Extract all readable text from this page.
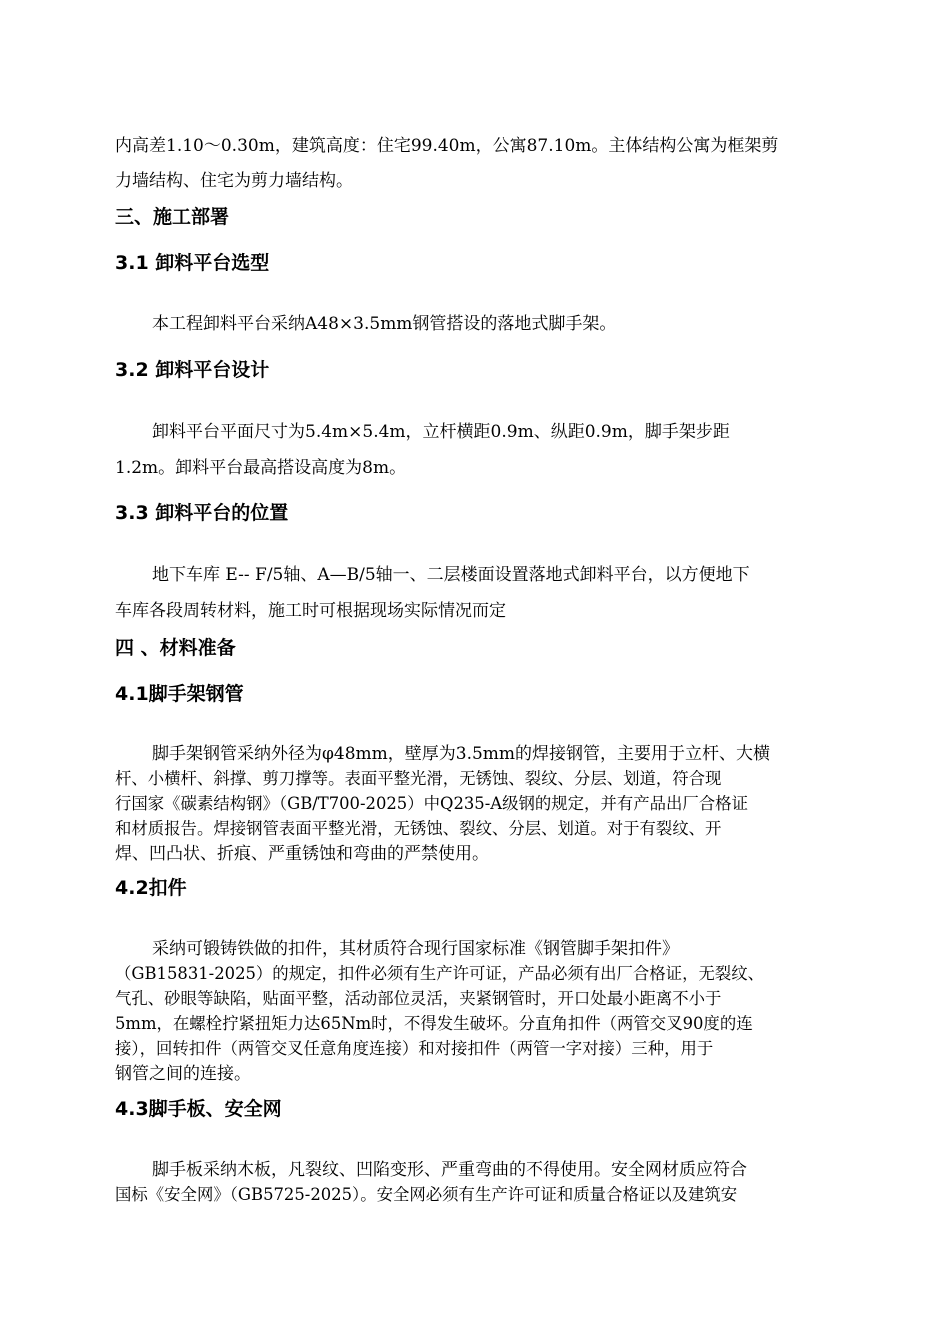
内高差1.10～0.30m，建筑高度：住宅99.40m，公寓87.10m。主体结构公寓为框架剪
力墙结构、住宅为剪力墙结构。
三、施工部署
3.1 卸料平台选型
本工程卸料平台采纳A48×3.5mm钢管搭设的落地式脚手架。
3.2 卸料平台设计
卸料平台平面尺寸为5.4m×5.4m，立杆横距0.9m、纵距0.9m，脚手架步距
1.2m。卸料平台最高搭设高度为8m。
3.3 卸料平台的位置
地下车库 E-- F/5轴、A—B/5轴一、二层楼面设置落地式卸料平台，以方便地下
车库各段周转材料，施工时可根据现场实际情况而定
四 、材料准备
4.1脚手架钢管
脚手架钢管采纳外径为φ48mm，壁厚为3.5mm的焊接钢管，主要用于立杆、大横
杆、小横杆、斜撑、剪刀撑等。表面平整光滑，无锈蚀、裂纹、分层、划道，符合现
行国家《碳素结构钢》（GB/T700-2025）中Q235-A级钢的规定，并有产品出厂合格证
和材质报告。焊接钢管表面平整光滑，无锈蚀、裂纹、分层、划道。对于有裂纹、开
焊、凹凸状、折痕、严重锈蚀和弯曲的严禁使用。
4.2扣件
采纳可锻铸铁做的扣件，其材质符合现行国家标准《钢管脚手架扣件》
（GB15831-2025）的规定，扣件必须有生产许可证，产品必须有出厂合格证，无裂纹、
气孔、砂眼等缺陷，贴面平整，活动部位灵活，夹紧钢管时，开口处最小距离不小于
5mm，在螺栓拧紧扭矩力达65Nm时，不得发生破坏。分直角扣件（两管交叉90度的连
接），回转扣件（两管交叉任意角度连接）和对接扣件（两管一字对接）三种，用于
钢管之间的连接。
4.3脚手板、安全网
脚手板采纳木板，凡裂纹、凹陷变形、严重弯曲的不得使用。安全网材质应符合
国标《安全网》（GB5725-2025）。安全网必须有生产许可证和质量合格证以及建筑安
